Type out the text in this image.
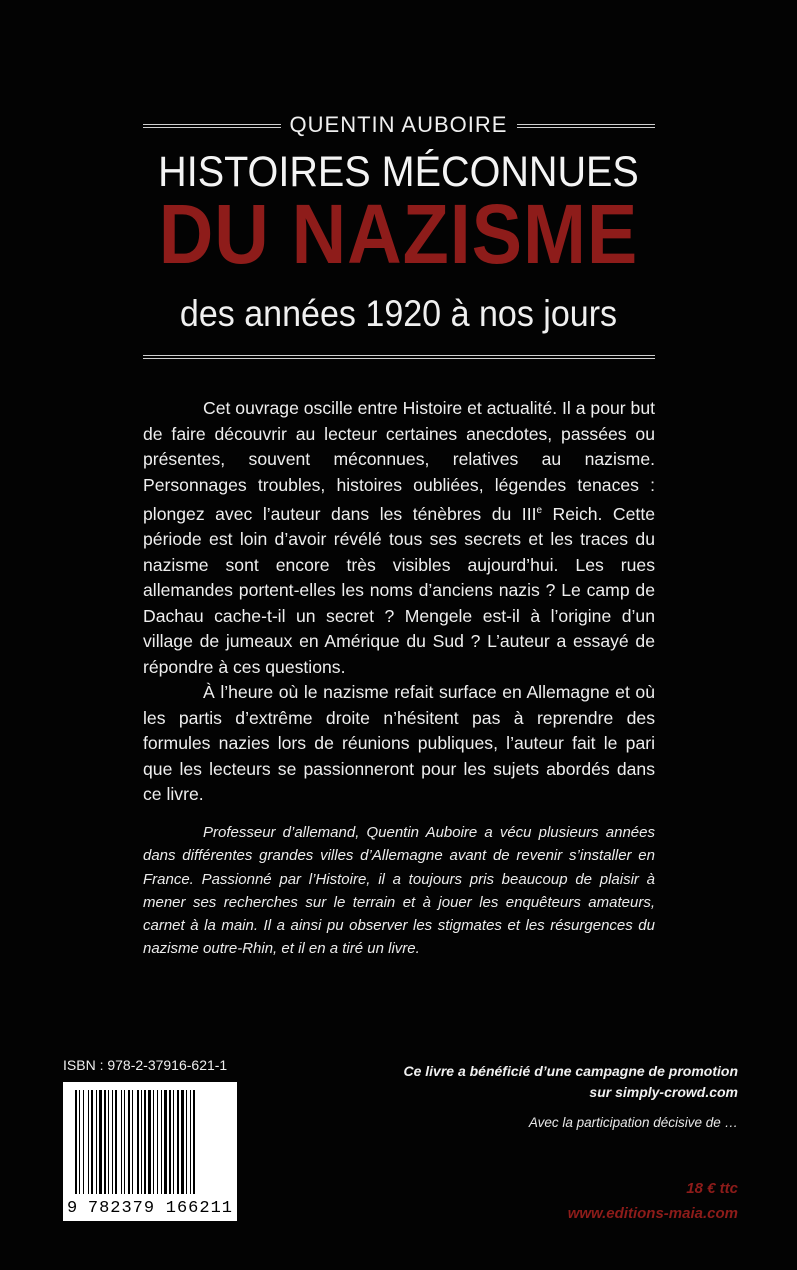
QUENTIN AUBOIRE
HISTOIRES MÉCONNUES
DU NAZISME
des années 1920 à nos jours

Cet ouvrage oscille entre Histoire et actualité. Il a pour but de faire découvrir au lecteur certaines anecdotes, passées ou présentes, souvent méconnues, relatives au nazisme. Personnages troubles, histoires oubliées, légendes tenaces : plongez avec l’auteur dans les ténèbres du IIIe Reich. Cette période est loin d’avoir révélé tous ses secrets et les traces du nazisme sont encore très visibles aujourd’hui. Les rues allemandes portent-elles les noms d’anciens nazis ? Le camp de Dachau cache-t-il un secret ? Mengele est-il à l’origine d’un village de jumeaux en Amérique du Sud ? L’auteur a essayé de répondre à ces questions.

À l’heure où le nazisme refait surface en Allemagne et où les partis d’extrême droite n’hésitent pas à reprendre des formules nazies lors de réunions publiques, l’auteur fait le pari que les lecteurs se passionneront pour les sujets abordés dans ce livre.

Professeur d’allemand, Quentin Auboire a vécu plusieurs années dans différentes grandes villes d’Allemagne avant de revenir s’installer en France. Passionné par l’Histoire, il a toujours pris beaucoup de plaisir à mener ses recherches sur le terrain et à jouer les enquêteurs amateurs, carnet à la main. Il a ainsi pu observer les stigmates et les résurgences du nazisme outre-Rhin, et il en a tiré un livre.

ISBN : 978-2-37916-621-1
9 782379 166211
Ce livre a bénéficié d’une campagne de promotion
sur simply-crowd.com
Avec la participation décisive de …
18 € ttc
www.editions-maia.com
